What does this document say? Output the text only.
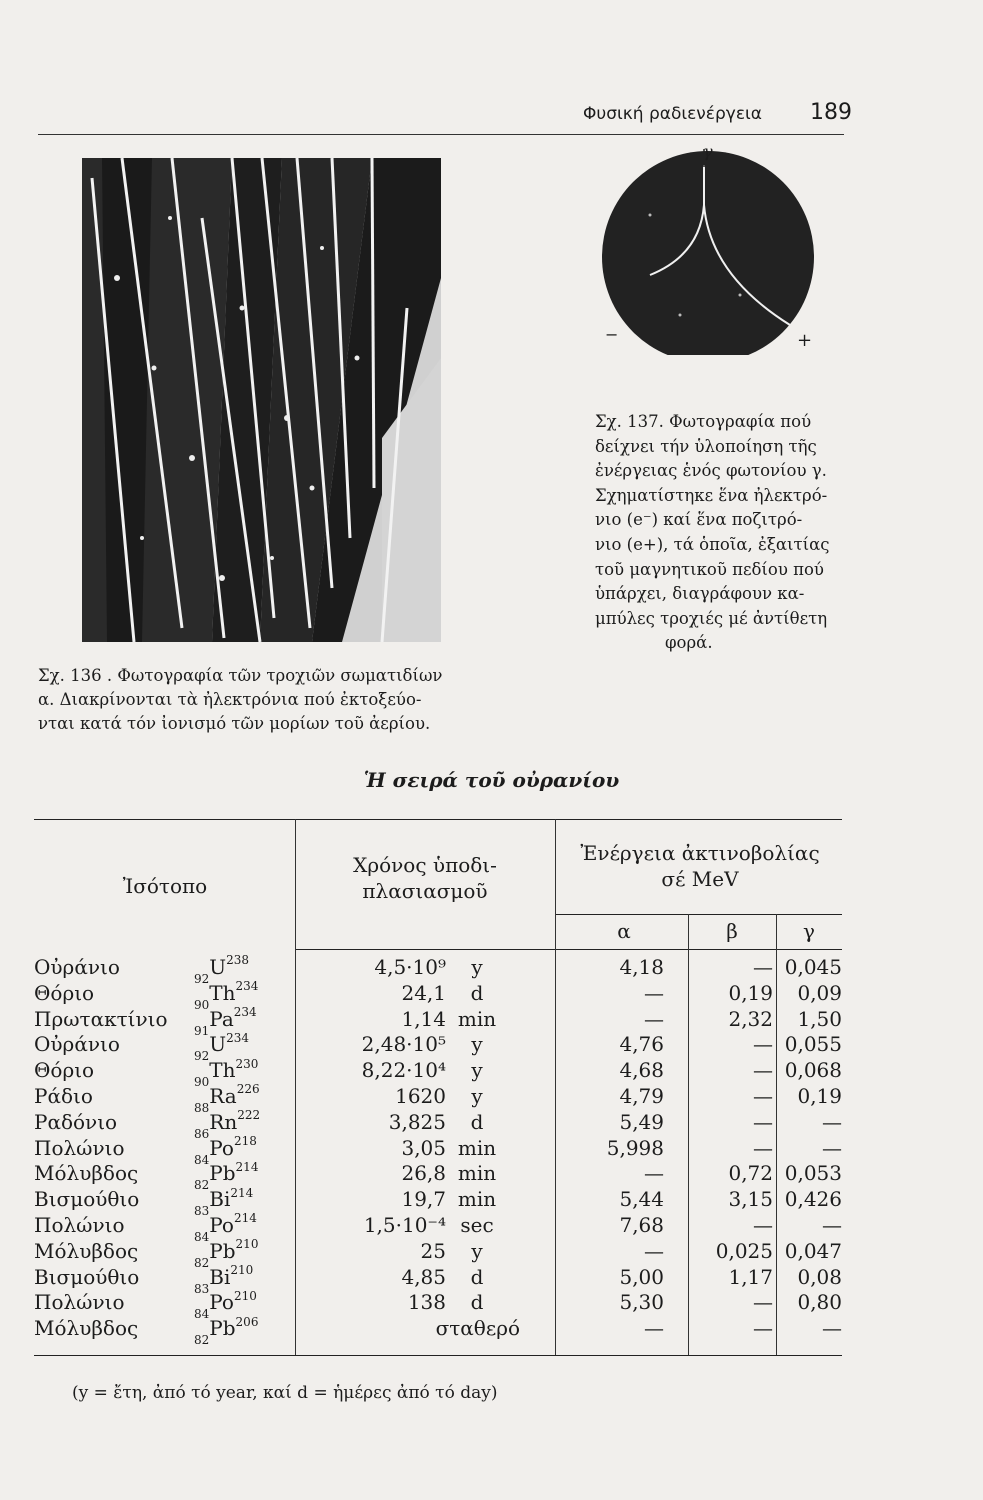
Φυσική ραδιενέργεια 189
Σχ. 136 . Φωτογραφία τῶν τροχιῶν σωματιδίων
α. Διακρίνονται τὰ ἠλεκτρόνια πού ἐκτοξεύο-
νται κατά τόν ἰονισμό τῶν μορίων τοῦ ἀερίου.
γ
−	+
Σχ. 137. Φωτογραφία πού
δείχνει τήν ὑλοποίηση τῆς
ἐνέργειας ἑνός φωτονίου γ.
Σχηματίστηκε ἕνα ἠλεκτρό-
νιο (e⁻) καί ἕνα ποζιτρό-
νιο (e+), τά ὁποῖα, ἐξαιτίας
τοῦ μαγνητικοῦ πεδίου πού
ὑπάρχει, διαγράφουν κα-
μπύλες τροχιές μέ ἀντίθετη
φορά.
Ἡ σειρά τοῦ οὐρανίου
Ἰσότοπο
Χρόνος ὑποδι-
πλασιασμοῦ
Ἐνέργεια ἀκτινοβολίας
σέ MeV
α	β	γ
Οὐράνιο	$_{92}U^{238}$	4,5·10⁹	y	4,18	— 0,045
Θόριο	$_{90}Th^{234}$	24,1	d	—	0,19	0,09
Πρωτακτίνιο $_{91}Pa^{234}$	1,14 min	—	2,32	1,50
Οὐράνιο	$_{92}U^{234}$	2,48·10⁵	y	4,76	— 0,055
Θόριο	$_{90}Th^{230}$	8,22·10⁴	y	4,68	— 0,068
Ράδιο	$_{88}Ra^{226}$	1620	y	4,79	—	0,19
Ραδόνιο	$_{86}Rn^{222}$	3,825	d	5,49	—	—
Πολώνιο	$_{84}Po^{218}$	3,05 min	5,998	—	—
Μόλυβδος	$_{82}Pb^{214}$	26,8 min	—	0,72 0,053
Βισμούθιο	$_{83}Bi^{214}$	19,7 min	5,44	3,15 0,426
Πολώνιο	$_{84}Po^{214}$	1,5·10⁻⁴ sec	7,68	—	—
Μόλυβδος	$_{82}Pb^{210}$	25	y	—	0,025 0,047
Βισμούθιο	$_{83}Bi^{210}$	4,85	d	5,00	1,17	0,08
Πολώνιο	$_{84}Po^{210}$	138	d	5,30	—	0,80
Μόλυβδος	$_{82}Pb^{206}$	σταθερό	—	—	—
(y = ἔτη, ἀπό τό year, καί d = ἡμέρες ἀπό τό day)
